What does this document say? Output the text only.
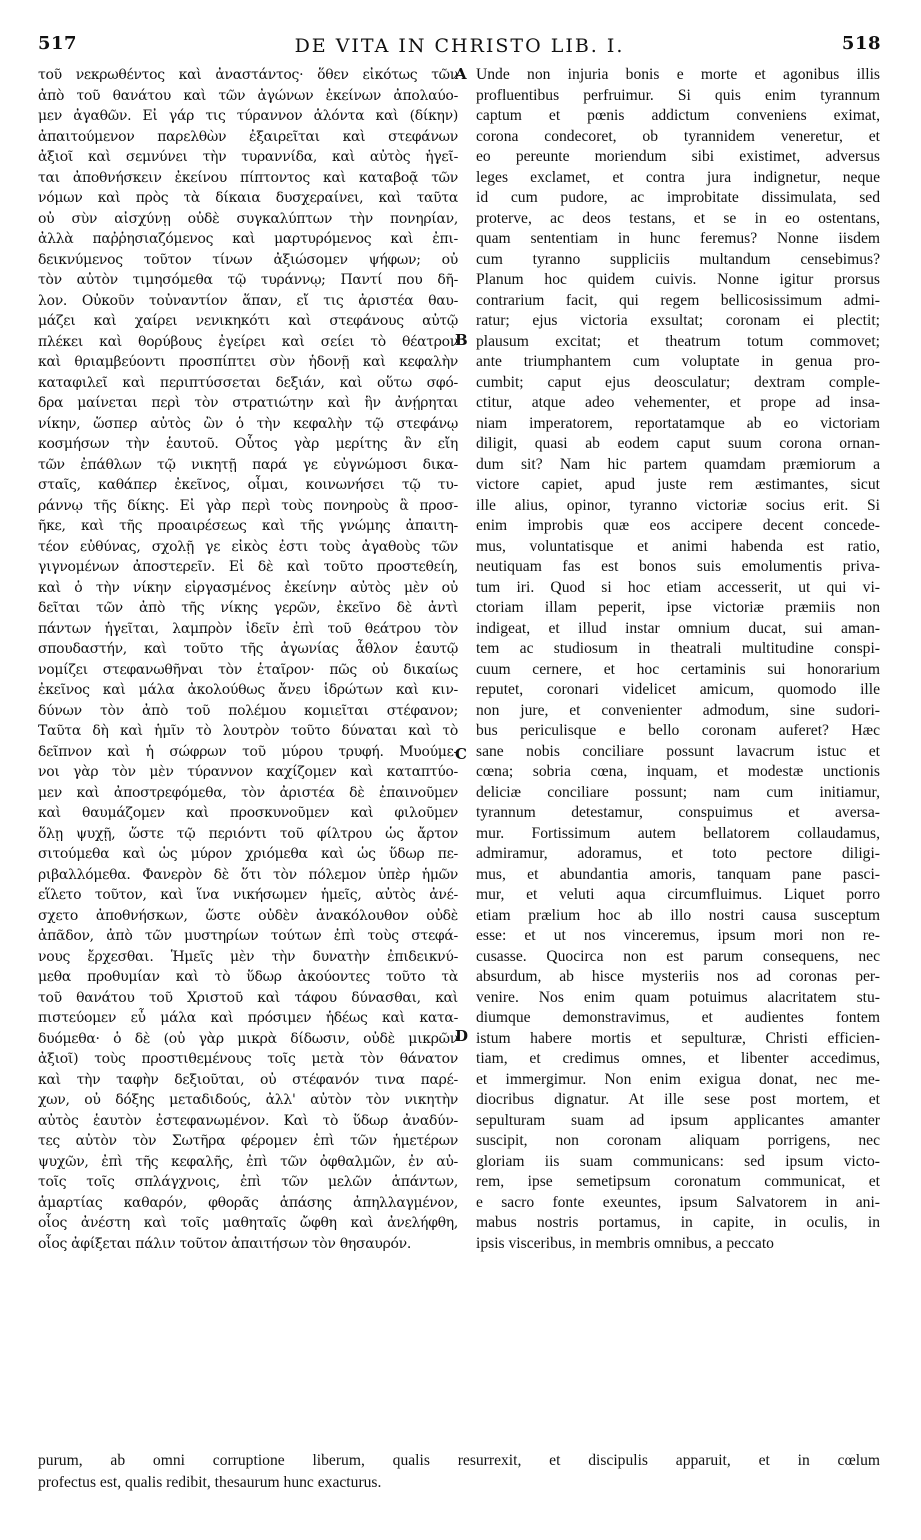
517	DE VITA IN CHRISTO LIB. I.	518
τοῦ νεκρωθέντος καὶ ἀναστάντος· ὅθεν εἰκότως τῶν
ἀπὸ τοῦ θανάτου καὶ τῶν ἀγώνων ἐκείνων ἀπολαύο-
μεν ἀγαθῶν. Εἰ γάρ τις τύραννον ἁλόντα καὶ (δίκην)
ἀπαιτούμενον παρελθὼν ἐξαιρεῖται καὶ στεφάνων
ἀξιοῖ καὶ σεμνύνει τὴν τυραννίδα, καὶ αὐτὸς ἡγεῖ-
ται ἀποθνήσκειν ἐκείνου πίπτοντος καὶ καταβοᾷ τῶν
νόμων καὶ πρὸς τὰ δίκαια δυσχεραίνει, καὶ ταῦτα
οὐ σὺν αἰσχύνῃ οὐδὲ συγκαλύπτων τὴν πονηρίαν,
ἀλλὰ παῤῥησιαζόμενος καὶ μαρτυρόμενος καὶ ἐπι-
δεικνύμενος τοῦτον τίνων ἀξιώσομεν ψήφων; οὐ
τὸν αὐτὸν τιμησόμεθα τῷ τυράννῳ; Παντί που δῆ-
λον. Οὐκοῦν τοὐναντίον ἅπαν, εἴ τις ἀριστέα θαυ-
μάζει καὶ χαίρει νενικηκότι καὶ στεφάνους αὐτῷ
πλέκει καὶ θορύβους ἐγείρει καὶ σείει τὸ θέατρον
καὶ θριαμβεύοντι προσπίπτει σὺν ἡδονῇ καὶ κεφαλὴν
καταφιλεῖ καὶ περιπτύσσεται δεξιάν, καὶ οὕτω σφό-
δρα μαίνεται περὶ τὸν στρατιώτην καὶ ἣν ἀνῄρηται
νίκην, ὥσπερ αὐτὸς ὢν ὁ τὴν κεφαλὴν τῷ στεφάνῳ
κοσμήσων τὴν ἑαυτοῦ. Οὗτος γὰρ μερίτης ἂν εἴη
τῶν ἐπάθλων τῷ νικητῇ παρά γε εὐγνώμοσι δικα-
σταῖς, καθάπερ ἐκεῖνος, οἶμαι, κοινωνήσει τῷ τυ-
ράννῳ τῆς δίκης. Εἰ γὰρ περὶ τοὺς πονηροὺς ἃ προσ-
ῆκε, καὶ τῆς προαιρέσεως καὶ τῆς γνώμης ἀπαιτη-
τέον εὐθύνας, σχολῇ γε εἰκὸς ἐστι τοὺς ἀγαθοὺς τῶν
γιγνομένων ἀποστερεῖν. Εἰ δὲ καὶ τοῦτο προστεθείη,
καὶ ὁ τὴν νίκην εἰργασμένος ἐκείνην αὐτὸς μὲν οὐ
δεῖται τῶν ἀπὸ τῆς νίκης γερῶν, ἐκεῖνο δὲ ἀντὶ
πάντων ἡγεῖται, λαμπρὸν ἰδεῖν ἐπὶ τοῦ θεάτρου τὸν
σπουδαστήν, καὶ τοῦτο τῆς ἀγωνίας ἆθλον ἑαυτῷ
νομίζει στεφανωθῆναι τὸν ἑταῖρον· πῶς οὐ δικαίως
ἐκεῖνος καὶ μάλα ἀκολούθως ἄνευ ἱδρώτων καὶ κιν-
δύνων τὸν ἀπὸ τοῦ πολέμου κομιεῖται στέφανον;
Ταῦτα δὴ καὶ ἡμῖν τὸ λουτρὸν τοῦτο δύναται καὶ τὸ
δεῖπνον καὶ ἡ σώφρων τοῦ μύρου τρυφή. Μυούμε-
νοι γὰρ τὸν μὲν τύραννον καχίζομεν καὶ καταπτύο-
μεν καὶ ἀποστρεφόμεθα, τὸν ἀριστέα δὲ ἐπαινοῦμεν
καὶ θαυμάζομεν καὶ προσκυνοῦμεν καὶ φιλοῦμεν
ὅλῃ ψυχῇ, ὥστε τῷ περιόντι τοῦ φίλτρου ὡς ἄρτον
σιτούμεθα καὶ ὡς μύρον χριόμεθα καὶ ὡς ὕδωρ πε-
ριβαλλόμεθα. Φανερὸν δὲ ὅτι τὸν πόλεμον ὑπὲρ ἡμῶν
εἵλετο τοῦτον, καὶ ἵνα νικήσωμεν ἡμεῖς, αὐτὸς ἀνέ-
σχετο ἀποθνήσκων, ὥστε οὐδὲν ἀνακόλουθον οὐδὲ
ἀπᾶδον, ἀπὸ τῶν μυστηρίων τούτων ἐπὶ τοὺς στεφά-
νους ἔρχεσθαι. Ἡμεῖς μὲν τὴν δυνατὴν ἐπιδεικνύ-
μεθα προθυμίαν καὶ τὸ ὕδωρ ἀκούοντες τοῦτο τὰ
τοῦ θανάτου τοῦ Χριστοῦ καὶ τάφου δύνασθαι, καὶ
πιστεύομεν εὖ μάλα καὶ πρόσιμεν ἡδέως καὶ κατα-
δυόμεθα· ὁ δὲ (οὐ γὰρ μικρὰ δίδωσιν, οὐδὲ μικρῶν
ἀξιοῖ) τοὺς προστιθεμένους τοῖς μετὰ τὸν θάνατον
καὶ τὴν ταφὴν δεξιοῦται, οὐ στέφανόν τινα παρέ-
χων, οὐ δόξης μεταδιδούς, ἀλλ' αὐτὸν τὸν νικητὴν
αὐτὸς ἑαυτὸν ἐστεφανωμένον. Καὶ τὸ ὕδωρ ἀναδύν-
τες αὐτὸν τὸν Σωτῆρα φέρομεν ἐπὶ τῶν ἡμετέρων
ψυχῶν, ἐπὶ τῆς κεφαλῆς, ἐπὶ τῶν ὀφθαλμῶν, ἐν αὐ-
τοῖς τοῖς σπλάγχνοις, ἐπὶ τῶν μελῶν ἁπάντων,
ἁμαρτίας καθαρόν, φθορᾶς ἁπάσης ἀπηλλαγμένον,
οἷος ἀνέστη καὶ τοῖς μαθηταῖς ὤφθη καὶ ἀνελήφθη,
οἷος ἀφίξεται πάλιν τοῦτον ἀπαιτήσων τὸν θησαυρόν.
Unde non injuria bonis e morte et agonibus illis
profluentibus perfruimur. Si quis enim tyrannum
captum et pœnis addictum conveniens eximat,
corona condecoret, ob tyrannidem veneretur, et
eo pereunte moriendum sibi existimet, adversus
leges exclamet, et contra jura indignetur, neque
id cum pudore, ac improbitate dissimulata, sed
proterve, ac deos testans, et se in eo ostentans,
quam sententiam in hunc feremus? Nonne iisdem
cum tyranno suppliciis multandum censebimus?
Planum hoc quidem cuivis. Nonne igitur prorsus
contrarium facit, qui regem bellicosissimum admi-
ratur; ejus victoria exsultat; coronam ei plectit;
plausum excitat; et theatrum totum commovet;
ante triumphantem cum voluptate in genua pro-
cumbit; caput ejus deosculatur; dextram comple-
ctitur, atque adeo vehementer, et prope ad insa-
niam imperatorem, reportatamque ab eo victoriam
diligit, quasi ab eodem caput suum corona ornan-
dum sit? Nam hic partem quamdam præmiorum a
victore capiet, apud juste rem æstimantes, sicut
ille alius, opinor, tyranno victoriæ socius erit. Si
enim improbis quæ eos accipere decent concede-
mus, voluntatisque et animi habenda est ratio,
neutiquam fas est bonos suis emolumentis priva-
tum iri. Quod si hoc etiam accesserit, ut qui vi-
ctoriam illam peperit, ipse victoriæ præmiis non
indigeat, et illud instar omnium ducat, sui aman-
tem ac studiosum in theatrali multitudine conspi-
cuum cernere, et hoc certaminis sui honorarium
reputet, coronari videlicet amicum, quomodo ille
non jure, et convenienter admodum, sine sudori-
bus periculisque e bello coronam auferet? Hæc
sane nobis conciliare possunt lavacrum istuc et
cœna; sobria cœna, inquam, et modestæ unctionis
deliciæ conciliare possunt; nam cum initiamur,
tyrannum detestamur, conspuimus et aversa-
mur. Fortissimum autem bellatorem collaudamus,
admiramur, adoramus, et toto pectore diligi-
mus, et abundantia amoris, tanquam pane pasci-
mur, et veluti aqua circumfluimus. Liquet porro
etiam prælium hoc ab illo nostri causa susceptum
esse: et ut nos vinceremus, ipsum mori non re-
cusasse. Quocirca non est parum consequens, nec
absurdum, ab hisce mysteriis nos ad coronas per-
venire. Nos enim quam potuimus alacritatem stu-
diumque demonstravimus, et audientes fontem
istum habere mortis et sepulturæ, Christi efficien-
tiam, et credimus omnes, et libenter accedimus,
et immergimur. Non enim exigua donat, nec me-
diocribus dignatur. At ille sese post mortem, et
sepulturam suam ad ipsum applicantes amanter
suscipit, non coronam aliquam porrigens, nec
gloriam iis suam communicans: sed ipsum victo-
rem, ipse semetipsum coronatum communicat, et
e sacro fonte exeuntes, ipsum Salvatorem in ani-
mabus nostris portamus, in capite, in oculis, in
ipsis visceribus, in membris omnibus, a peccato
A
B
C
D
purum, ab omni corruptione liberum, qualis resurrexit, et discipulis apparuit, et in cœlum
profectus est, qualis redibit, thesaurum hunc exacturus.
